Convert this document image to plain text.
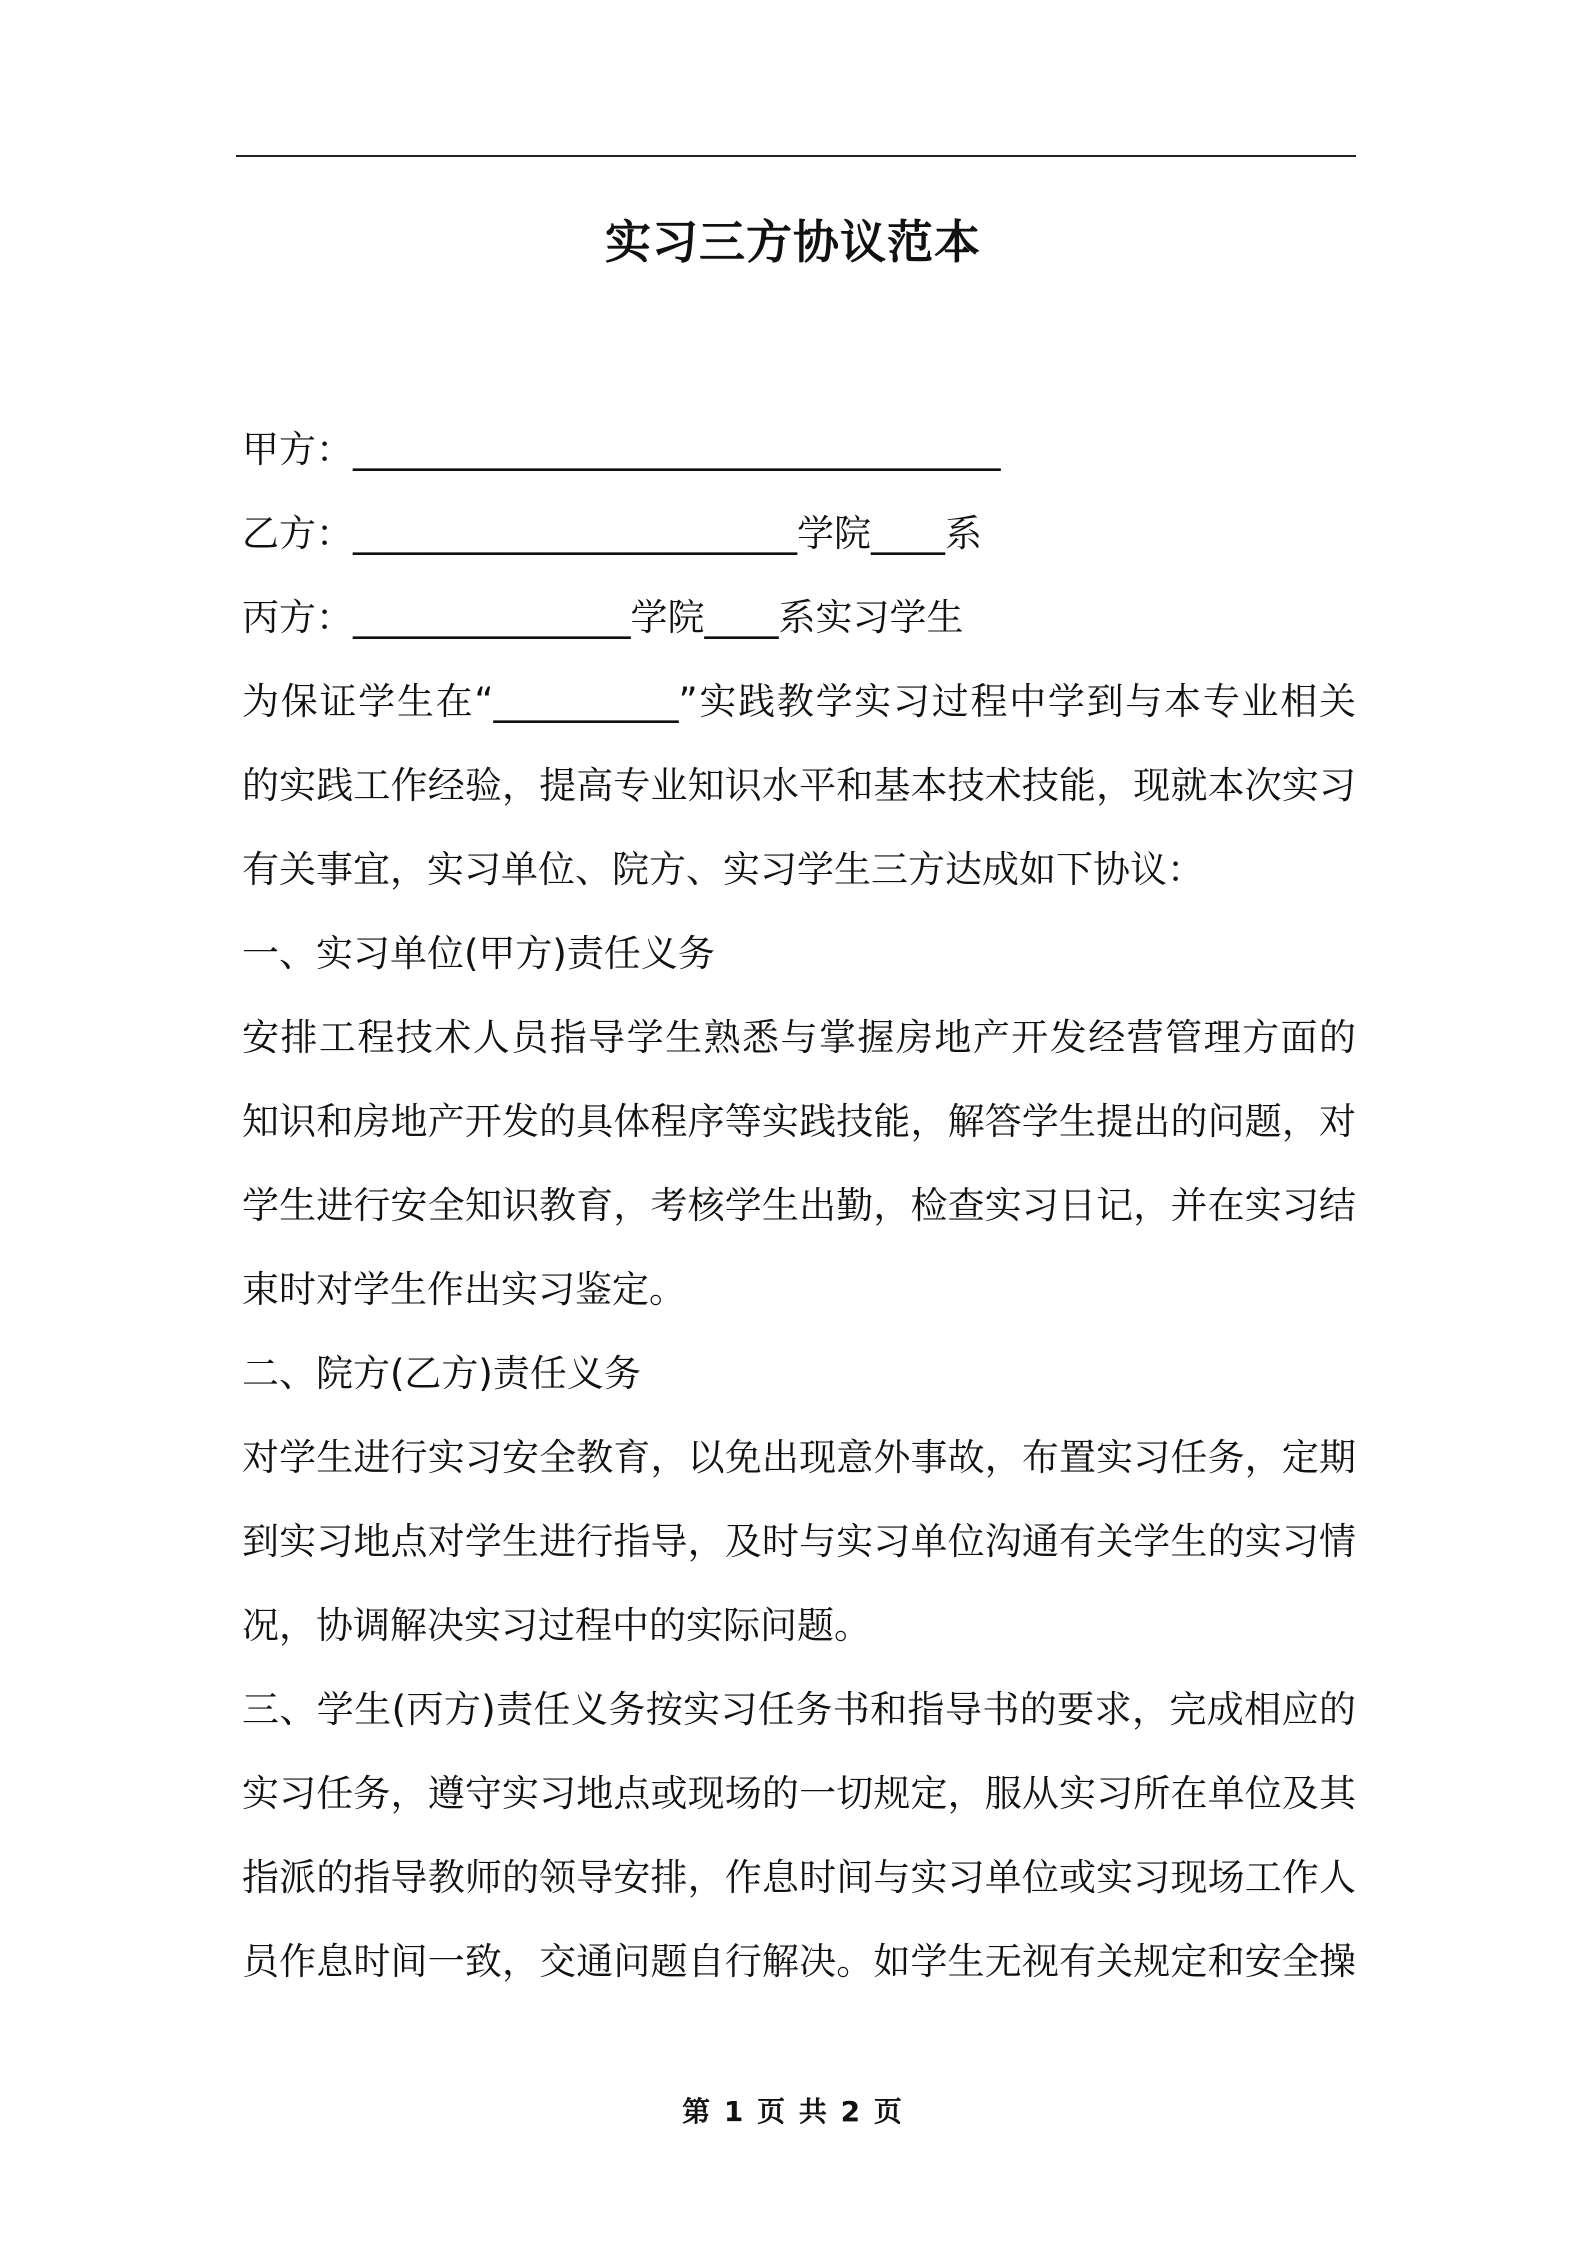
实习三方协议范本
甲方：___________________________________
乙方：________________________学院____系
丙方：_______________学院____系实习学生
为保证学生在“__________”实践教学实习过程中学到与本专业相关
的实践工作经验，提高专业知识水平和基本技术技能，现就本次实习
有关事宜，实习单位、院方、实习学生三方达成如下协议：
一、实习单位(甲方)责任义务
安排工程技术人员指导学生熟悉与掌握房地产开发经营管理方面的
知识和房地产开发的具体程序等实践技能，解答学生提出的问题，对
学生进行安全知识教育，考核学生出勤，检查实习日记，并在实习结
束时对学生作出实习鉴定。
二、院方(乙方)责任义务
对学生进行实习安全教育，以免出现意外事故，布置实习任务，定期
到实习地点对学生进行指导，及时与实习单位沟通有关学生的实习情
况，协调解决实习过程中的实际问题。
三、学生(丙方)责任义务按实习任务书和指导书的要求，完成相应的
实习任务，遵守实习地点或现场的一切规定，服从实习所在单位及其
指派的指导教师的领导安排，作息时间与实习单位或实习现场工作人
员作息时间一致，交通问题自行解决。如学生无视有关规定和安全操
第 1 页 共 2 页
